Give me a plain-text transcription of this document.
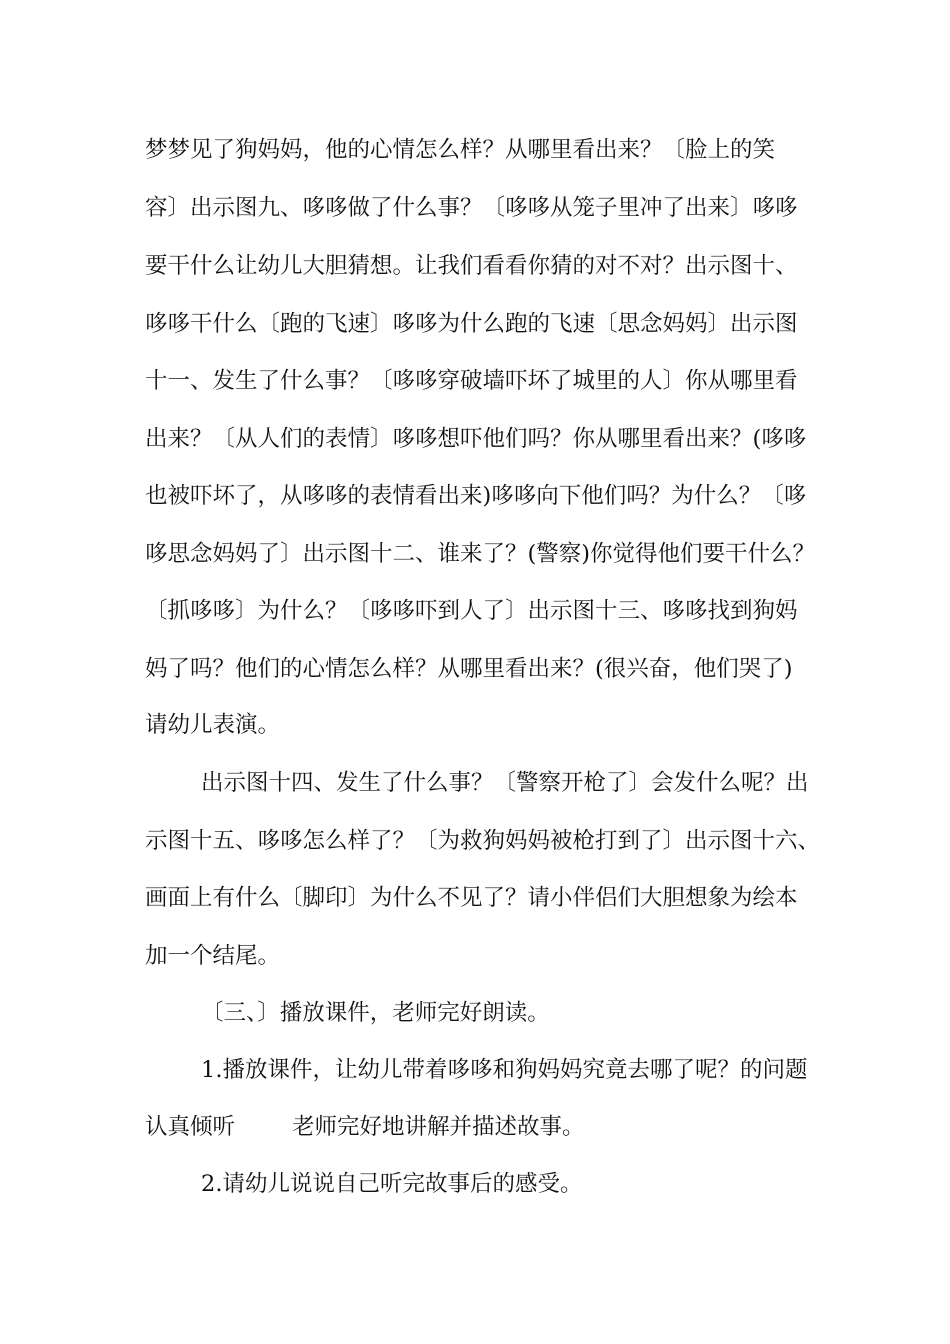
梦梦见了狗妈妈，他的心情怎么样？从哪里看出来？〔脸上的笑
容〕出示图九、哆哆做了什么事？〔哆哆从笼子里冲了出来〕哆哆
要干什么让幼儿大胆猜想。让我们看看你猜的对不对？出示图十、
哆哆干什么〔跑的飞速〕哆哆为什么跑的飞速〔思念妈妈〕出示图
十一、发生了什么事？〔哆哆穿破墙吓坏了城里的人〕你从哪里看
出来？〔从人们的表情〕哆哆想吓他们吗？你从哪里看出来？(哆哆
也被吓坏了，从哆哆的表情看出来)哆哆向下他们吗？为什么？〔哆
哆思念妈妈了〕出示图十二、谁来了？(警察)你觉得他们要干什么？
〔抓哆哆〕为什么？〔哆哆吓到人了〕出示图十三、哆哆找到狗妈
妈了吗？他们的心情怎么样？从哪里看出来？(很兴奋，他们哭了)
请幼儿表演。
出示图十四、发生了什么事？〔警察开枪了〕会发什么呢？出
示图十五、哆哆怎么样了？〔为救狗妈妈被枪打到了〕出示图十六、
画面上有什么〔脚印〕为什么不见了？请小伴侣们大胆想象为绘本
加一个结尾。
〔三、〕播放课件，老师完好朗读。
1.播放课件，让幼儿带着哆哆和狗妈妈究竟去哪了呢？的问题
认真倾听	老师完好地讲解并描述故事。
2.请幼儿说说自己听完故事后的感受。
